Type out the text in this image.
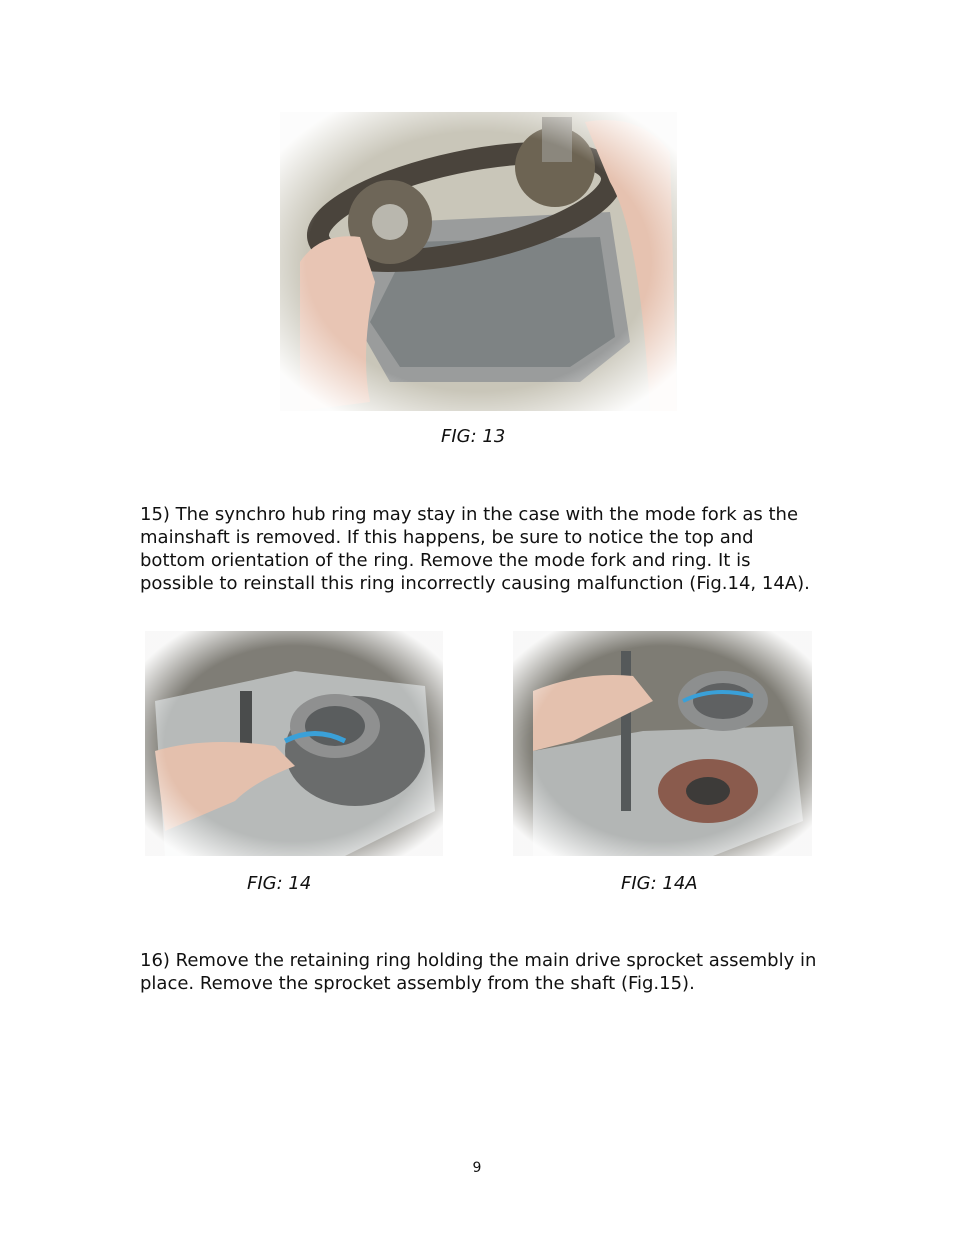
FIG: 13
15) The synchro hub ring may stay in the case with the mode fork as the mainshaft is removed. If this happens, be sure to notice the top and bottom orientation of the ring. Remove the mode fork and ring. It is possible to reinstall this ring incorrectly causing malfunction (Fig.14, 14A).
FIG: 14	FIG: 14A
16) Remove the retaining ring holding the main drive sprocket assembly in place. Remove the sprocket assembly from the shaft (Fig.15).
9
